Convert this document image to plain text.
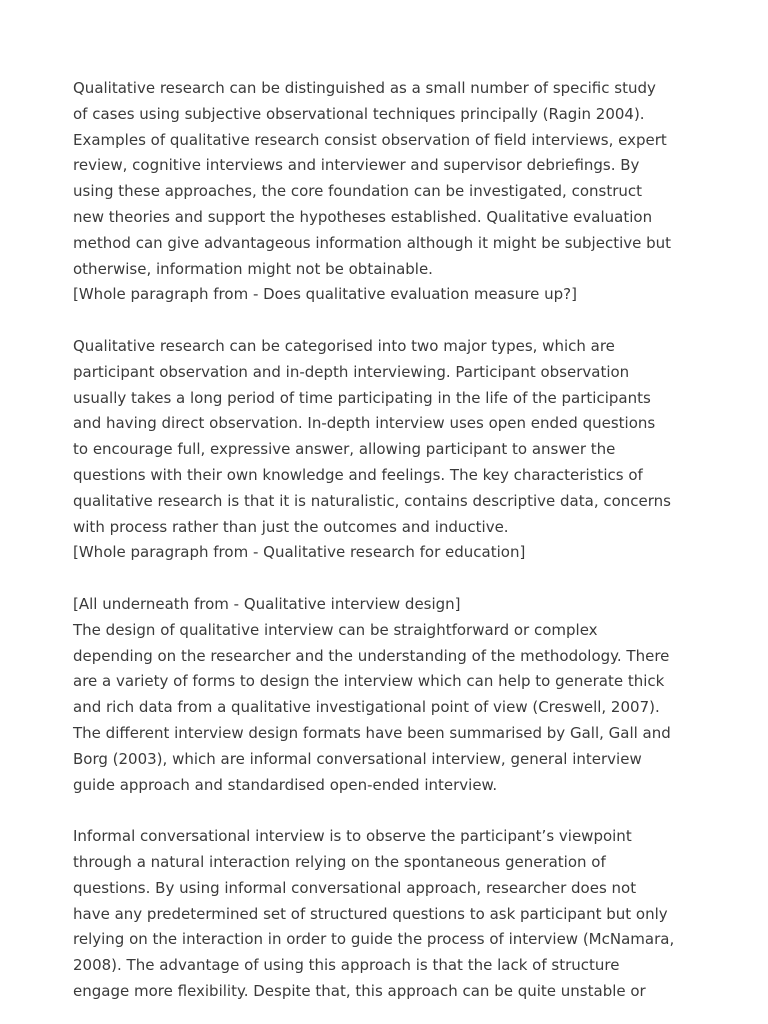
Qualitative research can be distinguished as a small number of specific study
of cases using subjective observational techniques principally (Ragin 2004).
Examples of qualitative research consist observation of field interviews, expert
review, cognitive interviews and interviewer and supervisor debriefings. By
using these approaches, the core foundation can be investigated, construct
new theories and support the hypotheses established. Qualitative evaluation
method can give advantageous information although it might be subjective but
otherwise, information might not be obtainable.
[Whole paragraph from - Does qualitative evaluation measure up?]
Qualitative research can be categorised into two major types, which are
participant observation and in-depth interviewing. Participant observation
usually takes a long period of time participating in the life of the participants
and having direct observation. In-depth interview uses open ended questions
to encourage full, expressive answer, allowing participant to answer the
questions with their own knowledge and feelings. The key characteristics of
qualitative research is that it is naturalistic, contains descriptive data, concerns
with process rather than just the outcomes and inductive.
[Whole paragraph from - Qualitative research for education]
[All underneath from - Qualitative interview design]
The design of qualitative interview can be straightforward or complex
depending on the researcher and the understanding of the methodology. There
are a variety of forms to design the interview which can help to generate thick
and rich data from a qualitative investigational point of view (Creswell, 2007).
The different interview design formats have been summarised by Gall, Gall and
Borg (2003), which are informal conversational interview, general interview
guide approach and standardised open-ended interview.
Informal conversational interview is to observe the participant’s viewpoint
through a natural interaction relying on the spontaneous generation of
questions. By using informal conversational approach, researcher does not
have any predetermined set of structured questions to ask participant but only
relying on the interaction in order to guide the process of interview (McNamara,
2008). The advantage of using this approach is that the lack of structure
engage more flexibility. Despite that, this approach can be quite unstable or
